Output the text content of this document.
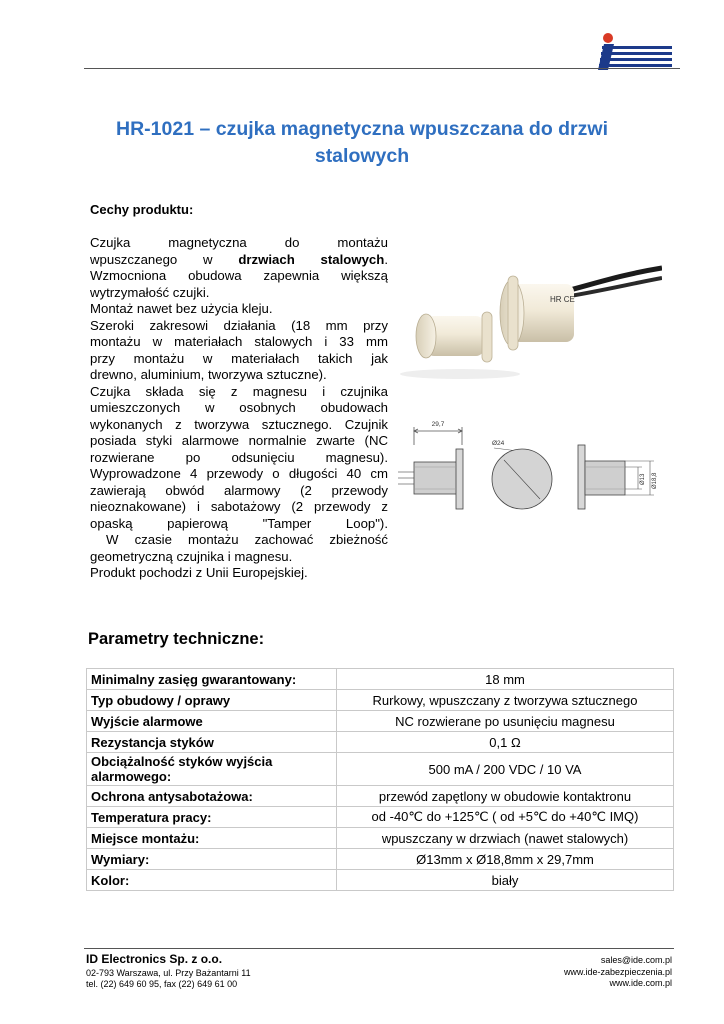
HR-1021 – czujka magnetyczna wpuszczana do drzwi stalowych
Cechy produktu:
Czujka magnetyczna do montażu
wpuszczanego w drzwiach stalowych.
Wzmocniona obudowa zapewnia większą
wytrzymałość czujki.
Montaż nawet bez użycia kleju.
Szeroki zakresowi działania (18 mm przy
montażu w materiałach stalowych i 33 mm
przy montażu w materiałach takich jak
drewno, aluminium, tworzywa sztuczne).
Czujka składa się z magnesu i czujnika
umieszczonych w osobnych obudowach
wykonanych z tworzywa sztucznego. Czujnik
posiada styki alarmowe normalnie zwarte (NC
rozwierane po odsunięciu magnesu).
Wyprowadzone 4 przewody o długości 40 cm
zawierają obwód alarmowy (2 przewody
nieoznakowane) i sabotażowy (2 przewody z
opaską papierową "Tamper Loop").
W czasie montażu zachować zbieżność
geometryczną czujnika i magnesu.
Produkt pochodzi z Unii Europejskiej.
HR CE
29,7
Ø24
Ø13 Ø18,8
Parametry techniczne:
Minimalny zasięg gwarantowany:	18 mm
Typ obudowy / oprawy	Rurkowy, wpuszczany z tworzywa sztucznego
Wyjście alarmowe	NC rozwierane po usunięciu magnesu
Rezystancja styków	0,1 Ω
Obciążalność styków wyjścia alarmowego:	500 mA / 200 VDC / 10 VA
Ochrona antysabotażowa:	przewód zapętlony w obudowie kontaktronu
Temperatura pracy:	od -40℃ do +125℃ ( od +5℃ do +40℃ IMQ)
Miejsce montażu:	wpuszczany w drzwiach (nawet stalowych)
Wymiary:	Ø13mm x Ø18,8mm x 29,7mm
Kolor:	biały
ID Electronics Sp. z o.o.
02-793 Warszawa, ul. Przy Bażantarni 11
tel. (22) 649 60 95, fax (22) 649 61 00
sales@ide.com.pl
www.ide-zabezpieczenia.pl
www.ide.com.pl
